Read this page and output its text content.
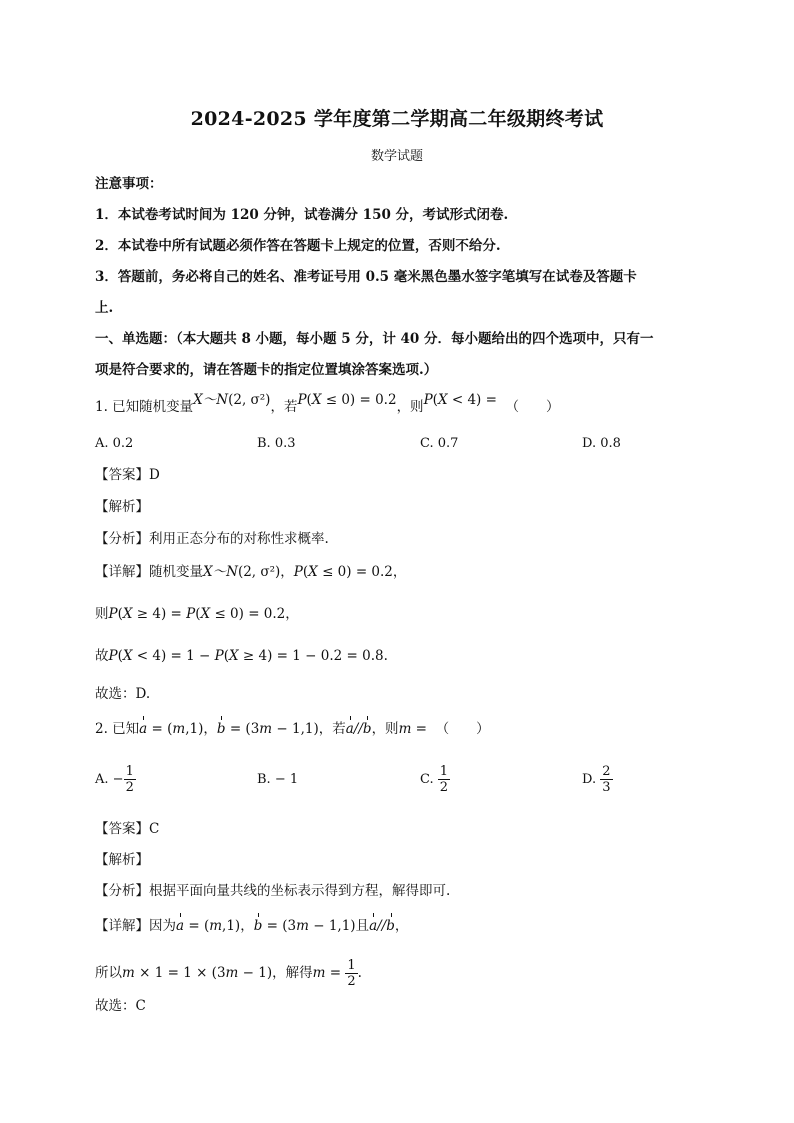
2024-2025 学年度第二学期高二年级期终考试
数学试题
注意事项：
1．本试卷考试时间为 120 分钟，试卷满分 150 分，考试形式闭卷.
2．本试卷中所有试题必须作答在答题卡上规定的位置，否则不给分.
3．答题前，务必将自己的姓名、准考证号用 0.5 毫米黑色墨水签字笔填写在试卷及答题卡
上.
一、单选题：（本大题共 8 小题，每小题 5 分，计 40 分．每小题给出的四个选项中，只有一
项是符合要求的，请在答题卡的指定位置填涂答案选项.）
1. 已知随机变量X～N(2, σ²)，若P(X ≤ 0) = 0.2，则P(X < 4) = （　　）
A. 0.2	B. 0.3	C. 0.7	D. 0.8
【答案】D
【解析】
【分析】利用正态分布的对称性求概率.
【详解】随机变量X～N(2, σ²)，P(X ≤ 0) = 0.2，
则P(X ≥ 4) = P(X ≤ 0) = 0.2，
故P(X < 4) = 1 − P(X ≥ 4) = 1 − 0.2 = 0.8.
故选：D.
2. 已知a = (m,1)，b = (3m − 1,1)，若a//b，则m =  （　　）
A. − $\frac{1}{2}$	B. − 1	C. $\frac{1}{2}$	D. $\frac{2}{3}$
【答案】C
【解析】
【分析】根据平面向量共线的坐标表示得到方程，解得即可.
【详解】因为a = (m,1)，b = (3m − 1,1)且a//b，
所以m × 1 = 1 × (3m − 1)，解得$m = \frac{1}{2}$ .
故选：C
